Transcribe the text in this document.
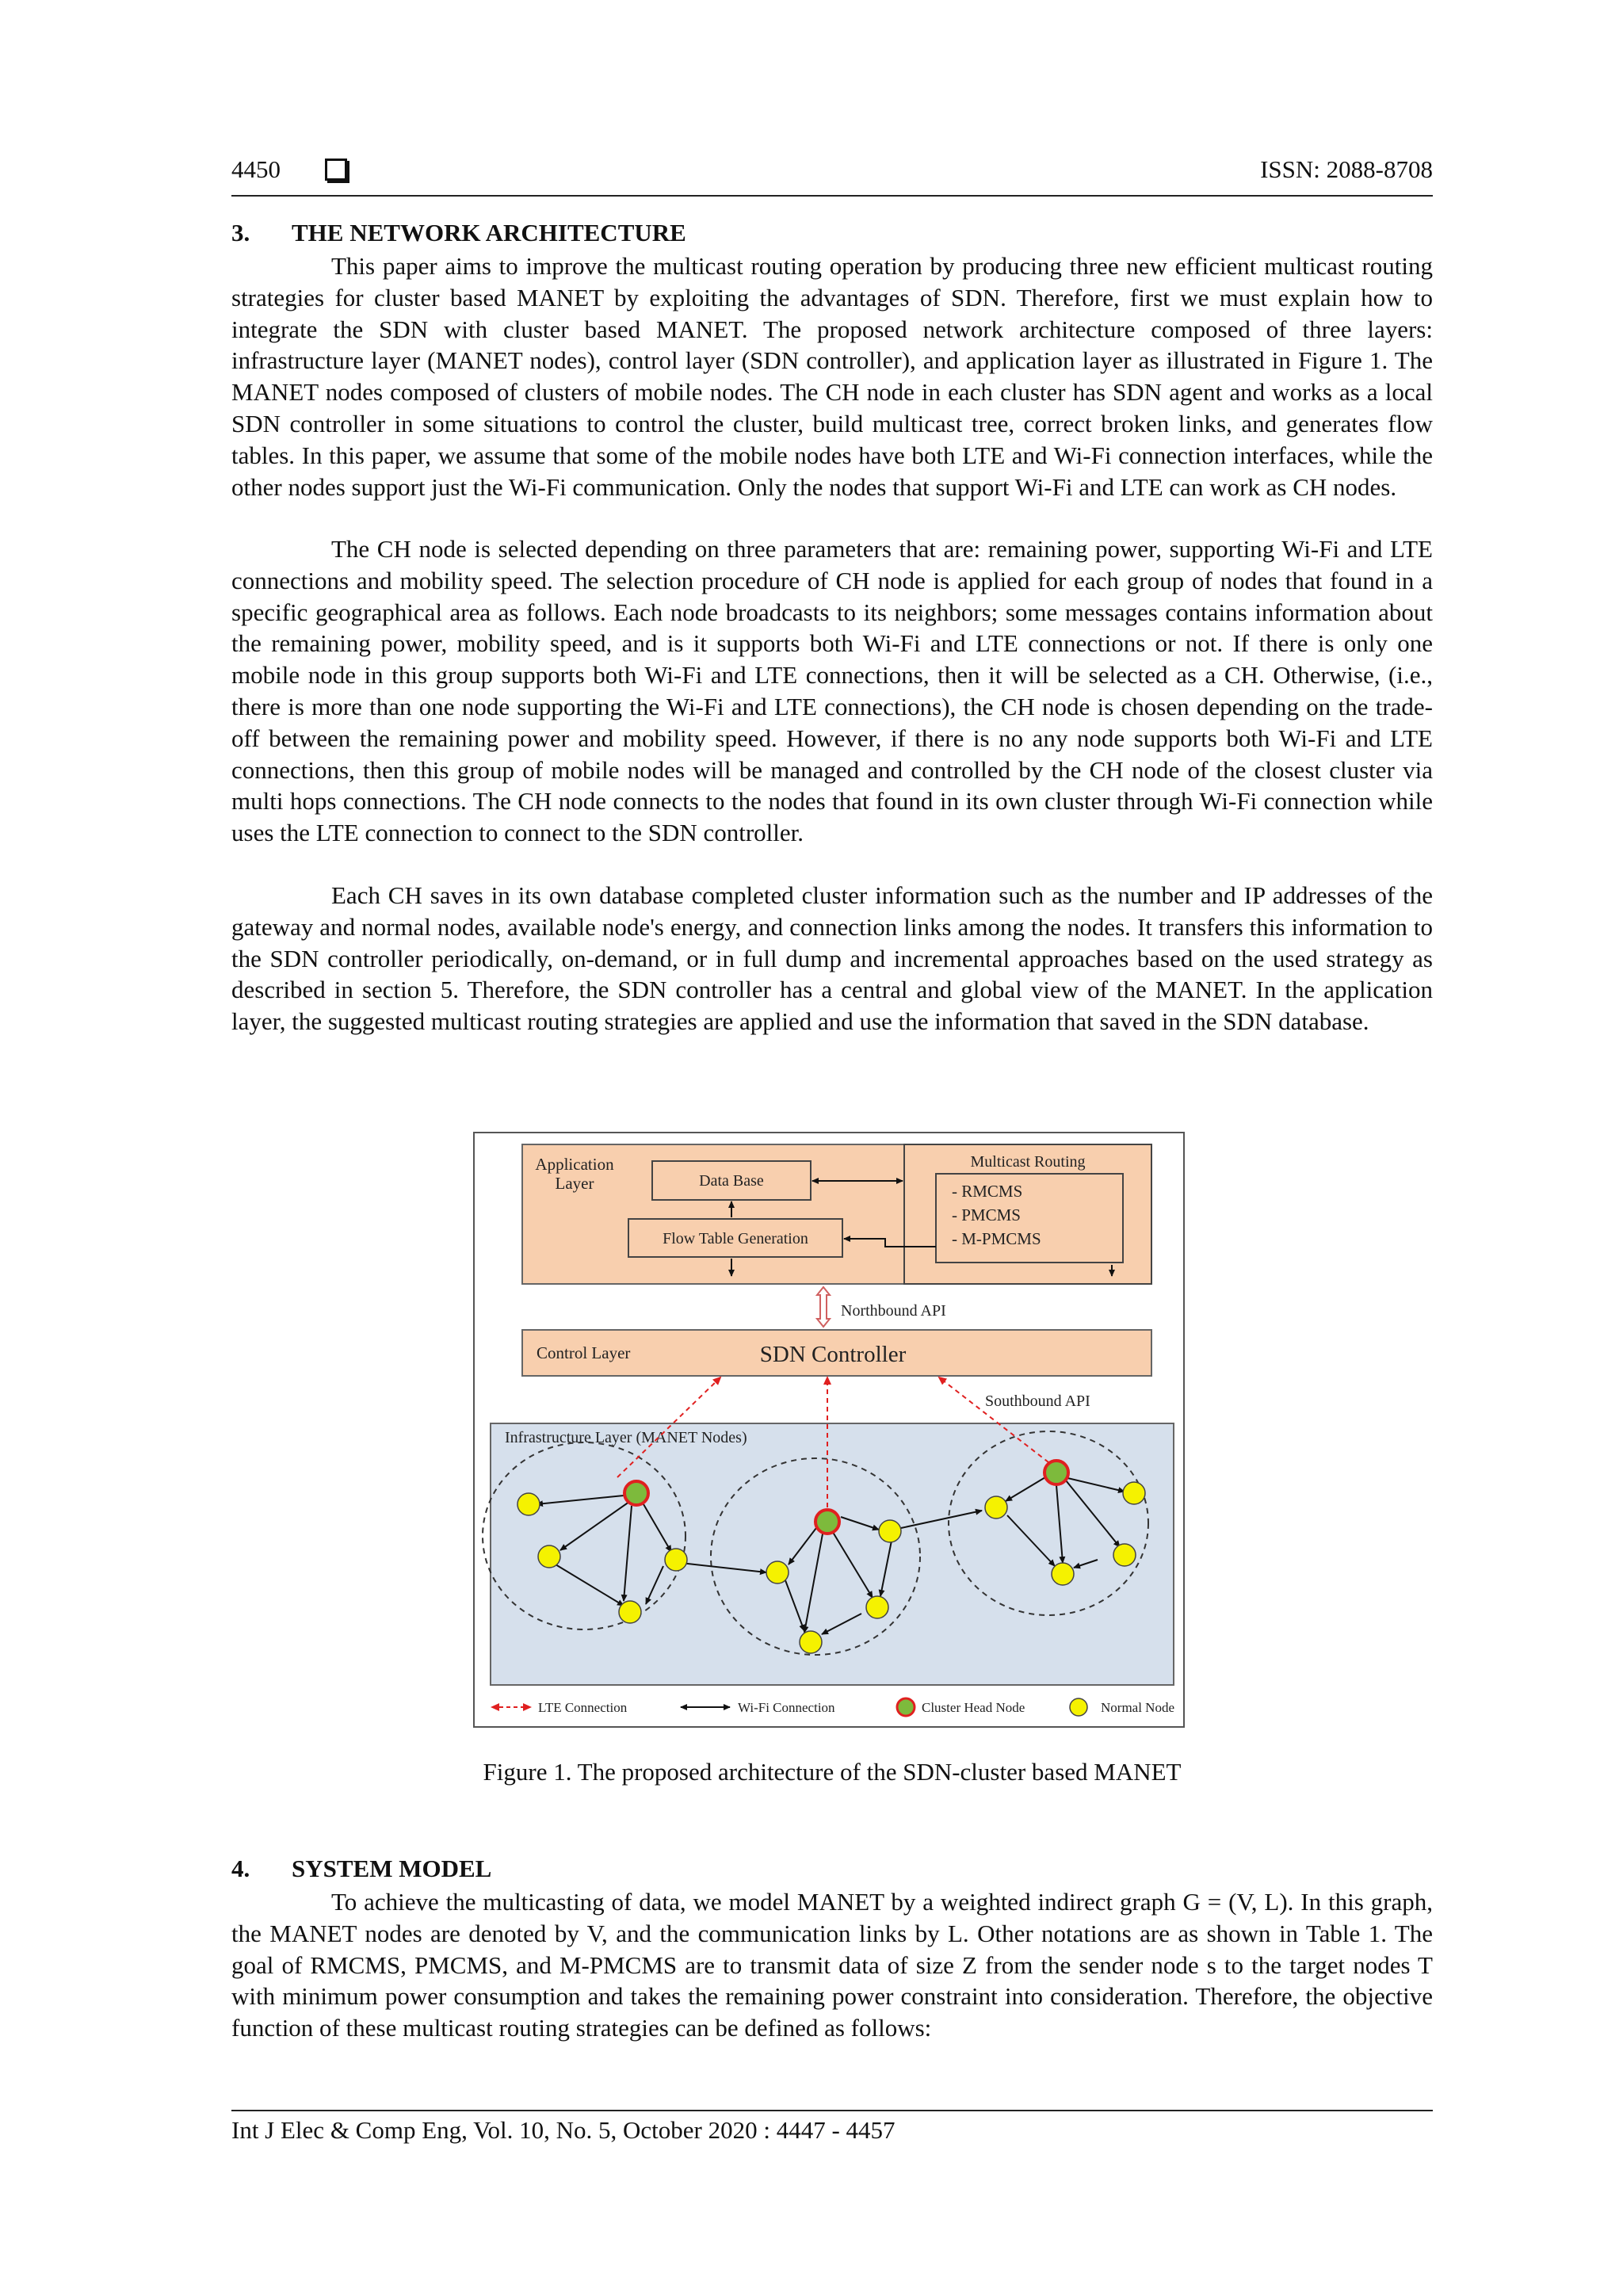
4450	ISSN: 2088-8708
3. THE NETWORK ARCHITECTURE

This paper aims to improve the multicast routing operation by producing three new efficient multicast routing strategies for cluster based MANET by exploiting the advantages of SDN. Therefore, first we must explain how to integrate the SDN with cluster based MANET. The proposed network architecture composed of three layers: infrastructure layer (MANET nodes), control layer (SDN controller), and application layer as illustrated in Figure 1. The MANET nodes composed of clusters of mobile nodes. The CH node in each cluster has SDN agent and works as a local SDN controller in some situations to control the cluster, build multicast tree, correct broken links, and generates flow tables. In this paper, we assume that some of the mobile nodes have both LTE and Wi-Fi connection interfaces, while the other nodes support just the Wi-Fi communication. Only the nodes that support Wi-Fi and LTE can work as CH nodes.

The CH node is selected depending on three parameters that are: remaining power, supporting Wi-Fi and LTE connections and mobility speed. The selection procedure of CH node is applied for each group of nodes that found in a specific geographical area as follows. Each node broadcasts to its neighbors; some messages contains information about the remaining power, mobility speed, and is it supports both Wi-Fi and LTE connections or not. If there is only one mobile node in this group supports both Wi-Fi and LTE connections, then it will be selected as a CH. Otherwise, (i.e., there is more than one node supporting the Wi-Fi and LTE connections), the CH node is chosen depending on the trade-off between the remaining power and mobility speed. However, if there is no any node supports both Wi-Fi and LTE connections, then this group of mobile nodes will be managed and controlled by the CH node of the closest cluster via multi hops connections. The CH node connects to the nodes that found in its own cluster through Wi-Fi connection while uses the LTE connection to connect to the SDN controller.

Each CH saves in its own database completed cluster information such as the number and IP addresses of the gateway and normal nodes, available node's energy, and connection links among the nodes. It transfers this information to the SDN controller periodically, on-demand, or in full dump and incremental approaches based on the used strategy as described in section 5. Therefore, the SDN controller has a central and global view of the MANET. In the application layer, the suggested multicast routing strategies are applied and use the information that saved in the SDN database.

Figure 1. The proposed architecture of the SDN-cluster based MANET
4. SYSTEM MODEL

To achieve the multicasting of data, we model MANET by a weighted indirect graph G = (V, L). In this graph, the MANET nodes are denoted by V, and the communication links by L. Other notations are as shown in Table 1. The goal of RMCMS, PMCMS, and M-PMCMS are to transmit data of size Z from the sender node s to the target nodes T with minimum power consumption and takes the remaining power constraint into consideration. Therefore, the objective function of these multicast routing strategies can be defined as follows:

Int J Elec & Comp Eng, Vol. 10, No. 5, October 2020 : 4447 - 4457
Application
Layer	Data Base
Flow Table Generation
Multicast Routing
- RMCMS
- PMCMS
- M-PMCMS
Northbound API
Control Layer	SDN Controller
Southbound API
Infrastructure Layer (MANET Nodes)
LTE Connection	Wi-Fi Connection	Cluster Head Node	Normal Node
